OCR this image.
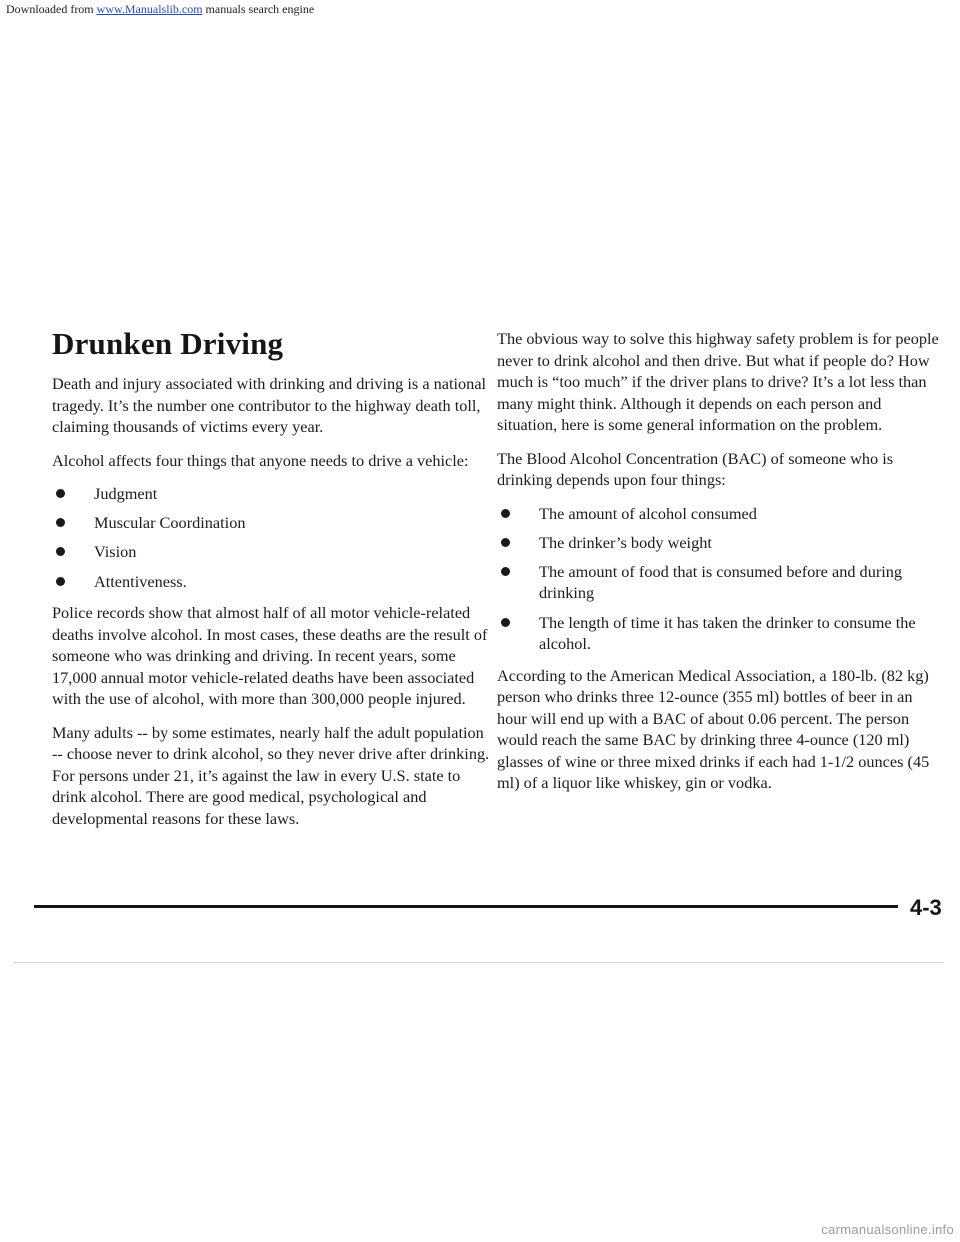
Downloaded from www.Manualslib.com manuals search engine
Drunken Driving

Death and injury associated with drinking and driving is a national tragedy. It’s the number one contributor to the highway death toll, claiming thousands of victims every year.

Alcohol affects four things that anyone needs to drive a vehicle:

Judgment
Muscular Coordination
Vision
Attentiveness.

Police records show that almost half of all motor vehicle-related deaths involve alcohol. In most cases, these deaths are the result of someone who was drinking and driving. In recent years, some 17,000 annual motor vehicle-related deaths have been associated with the use of alcohol, with more than 300,000 people injured.

Many adults -- by some estimates, nearly half the adult population -- choose never to drink alcohol, so they never drive after drinking. For persons under 21, it’s against the law in every U.S. state to drink alcohol. There are good medical, psychological and developmental reasons for these laws.

The obvious way to solve this highway safety problem is for people never to drink alcohol and then drive. But what if people do? How much is “too much” if the driver plans to drive? It’s a lot less than many might think. Although it depends on each person and situation, here is some general information on the problem.

The Blood Alcohol Concentration (BAC) of someone who is drinking depends upon four things:

The amount of alcohol consumed
The drinker’s body weight
The amount of food that is consumed before and during drinking
The length of time it has taken the drinker to consume the alcohol.

According to the American Medical Association, a 180-lb. (82 kg) person who drinks three 12-ounce (355 ml) bottles of beer in an hour will end up with a BAC of about 0.06 percent. The person would reach the same BAC by drinking three 4-ounce (120 ml) glasses of wine or three mixed drinks if each had 1-1/2 ounces (45 ml) of a liquor like whiskey, gin or vodka.

4-3
carmanualsonline.info
